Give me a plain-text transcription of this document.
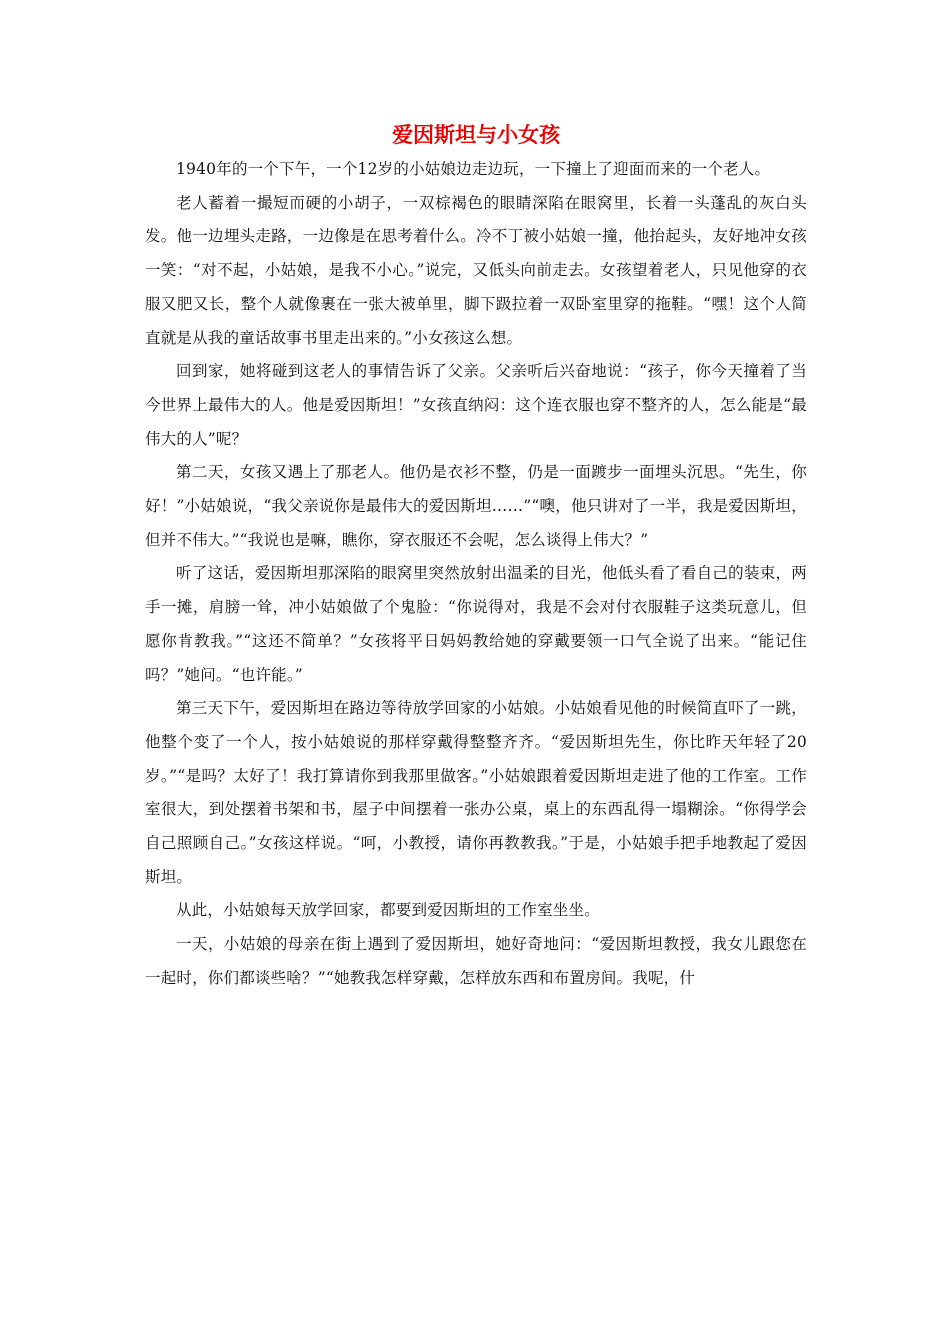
爱因斯坦与小女孩

1940年的一个下午，一个12岁的小姑娘边走边玩，一下撞上了迎面而来的一个老人。

老人蓄着一撮短而硬的小胡子，一双棕褐色的眼睛深陷在眼窝里，长着一头蓬乱的灰白头发。他一边埋头走路，一边像是在思考着什么。冷不丁被小姑娘一撞，他抬起头，友好地冲女孩一笑：“对不起，小姑娘，是我不小心。”说完，又低头向前走去。女孩望着老人，只见他穿的衣服又肥又长，整个人就像裹在一张大被单里，脚下趿拉着一双卧室里穿的拖鞋。“嘿！这个人简直就是从我的童话故事书里走出来的。”小女孩这么想。

回到家，她将碰到这老人的事情告诉了父亲。父亲听后兴奋地说：“孩子，你今天撞着了当今世界上最伟大的人。他是爱因斯坦！”女孩直纳闷：这个连衣服也穿不整齐的人，怎么能是“最伟大的人”呢？

第二天，女孩又遇上了那老人。他仍是衣衫不整，仍是一面踱步一面埋头沉思。“先生，你好！”小姑娘说，“我父亲说你是最伟大的爱因斯坦……”“噢，他只讲对了一半，我是爱因斯坦，但并不伟大。”“我说也是嘛，瞧你，穿衣服还不会呢，怎么谈得上伟大？”

听了这话，爱因斯坦那深陷的眼窝里突然放射出温柔的目光，他低头看了看自己的装束，两手一摊，肩膀一耸，冲小姑娘做了个鬼脸：“你说得对，我是不会对付衣服鞋子这类玩意儿，但愿你肯教我。”“这还不简单？”女孩将平日妈妈教给她的穿戴要领一口气全说了出来。“能记住吗？”她问。“也许能。”

第三天下午，爱因斯坦在路边等待放学回家的小姑娘。小姑娘看见他的时候简直吓了一跳，他整个变了一个人，按小姑娘说的那样穿戴得整整齐齐。“爱因斯坦先生，你比昨天年轻了20岁。”“是吗？太好了！我打算请你到我那里做客。”小姑娘跟着爱因斯坦走进了他的工作室。工作室很大，到处摆着书架和书，屋子中间摆着一张办公桌，桌上的东西乱得一塌糊涂。“你得学会自己照顾自己。”女孩这样说。“呵，小教授，请你再教教我。”于是，小姑娘手把手地教起了爱因斯坦。

从此，小姑娘每天放学回家，都要到爱因斯坦的工作室坐坐。

一天，小姑娘的母亲在街上遇到了爱因斯坦，她好奇地问：“爱因斯坦教授，我女儿跟您在一起时，你们都谈些啥？”“她教我怎样穿戴，怎样放东西和布置房间。我呢，什
